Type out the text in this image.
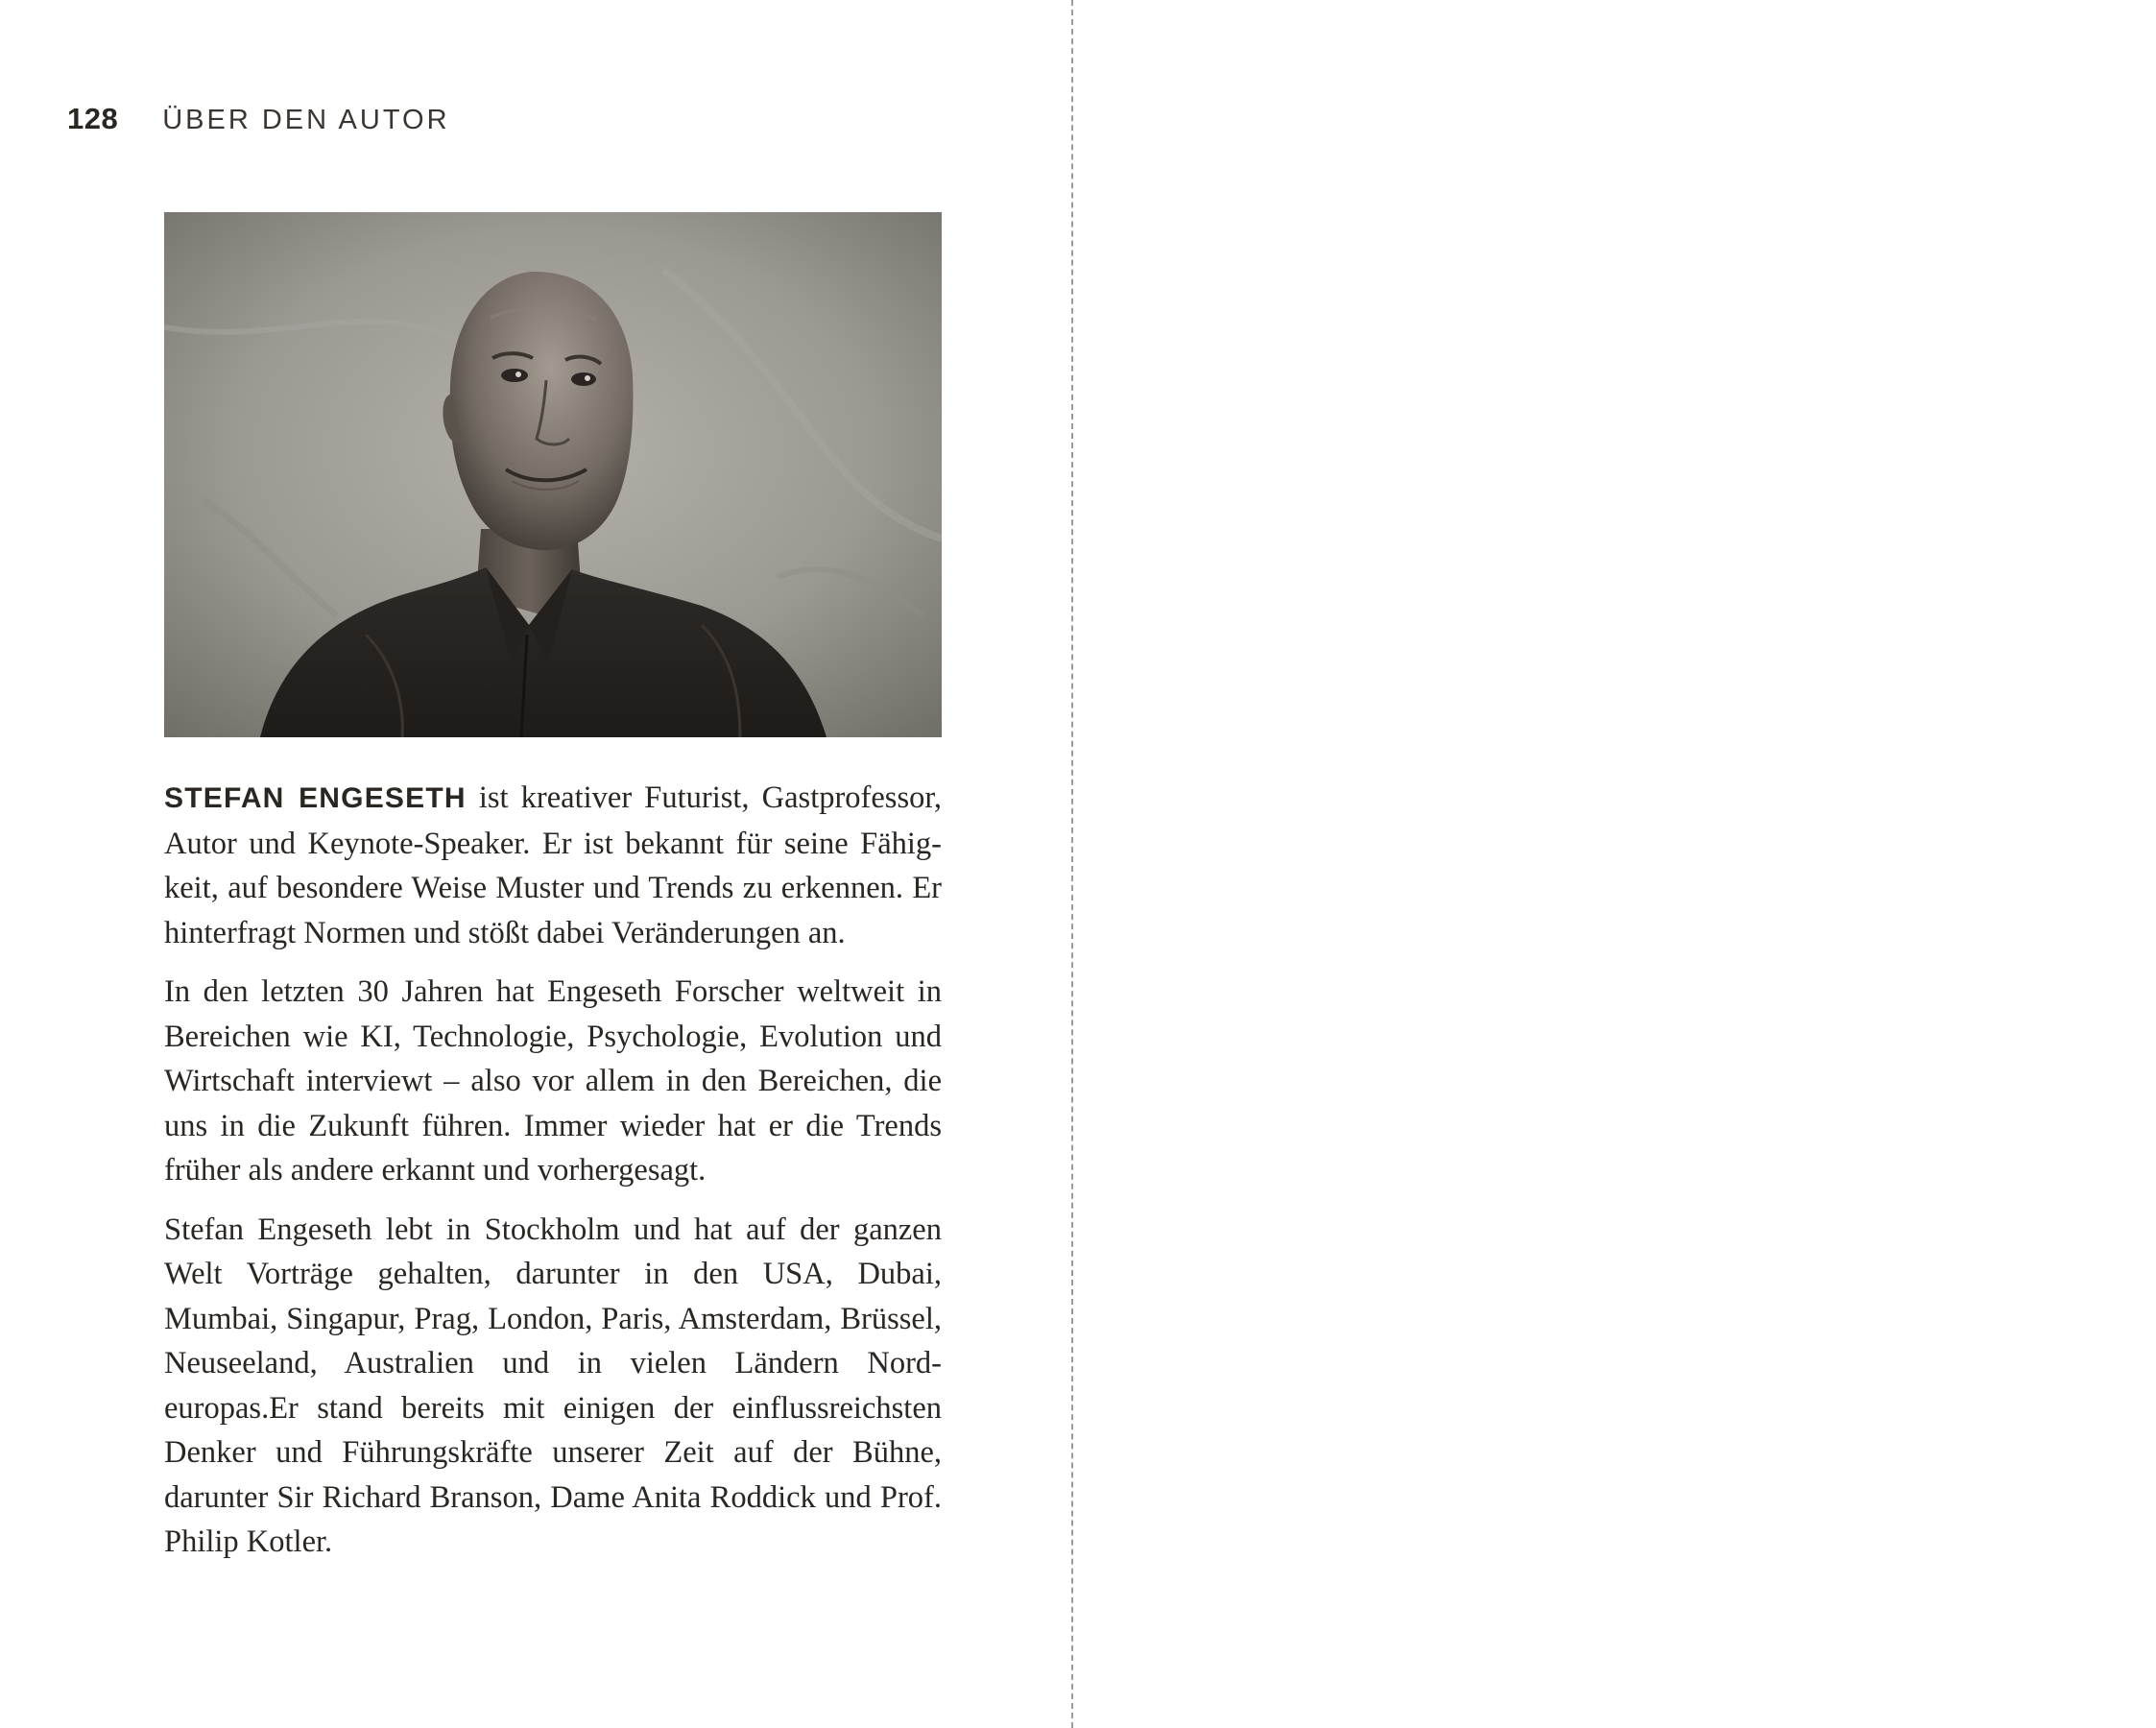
128 ÜBER DEN AUTOR

STEFAN ENGESETH ist kreativer Futurist, Gastprofessor, Autor und Keynote-Speaker. Er ist bekannt für seine Fähigkeit, auf besondere Weise Muster und Trends zu erkennen. Er hinterfragt Normen und stößt dabei Veränderungen an.

In den letzten 30 Jahren hat Engeseth Forscher weltweit in Bereichen wie KI, Technologie, Psychologie, Evolution und Wirtschaft interviewt – also vor allem in den Bereichen, die uns in die Zukunft führen. Immer wieder hat er die Trends früher als andere erkannt und vorhergesagt.

Stefan Engeseth lebt in Stockholm und hat auf der ganzen Welt Vorträge gehalten, darunter in den USA, Dubai, Mumbai, Singapur, Prag, London, Paris, Amsterdam, Brüssel, Neuseeland, Australien und in vielen Ländern Nordeuropas.Er stand bereits mit einigen der einflussreichsten Denker und Führungskräfte unserer Zeit auf der Bühne, darunter Sir Richard Branson, Dame Anita Roddick und Prof. Philip Kotler.
